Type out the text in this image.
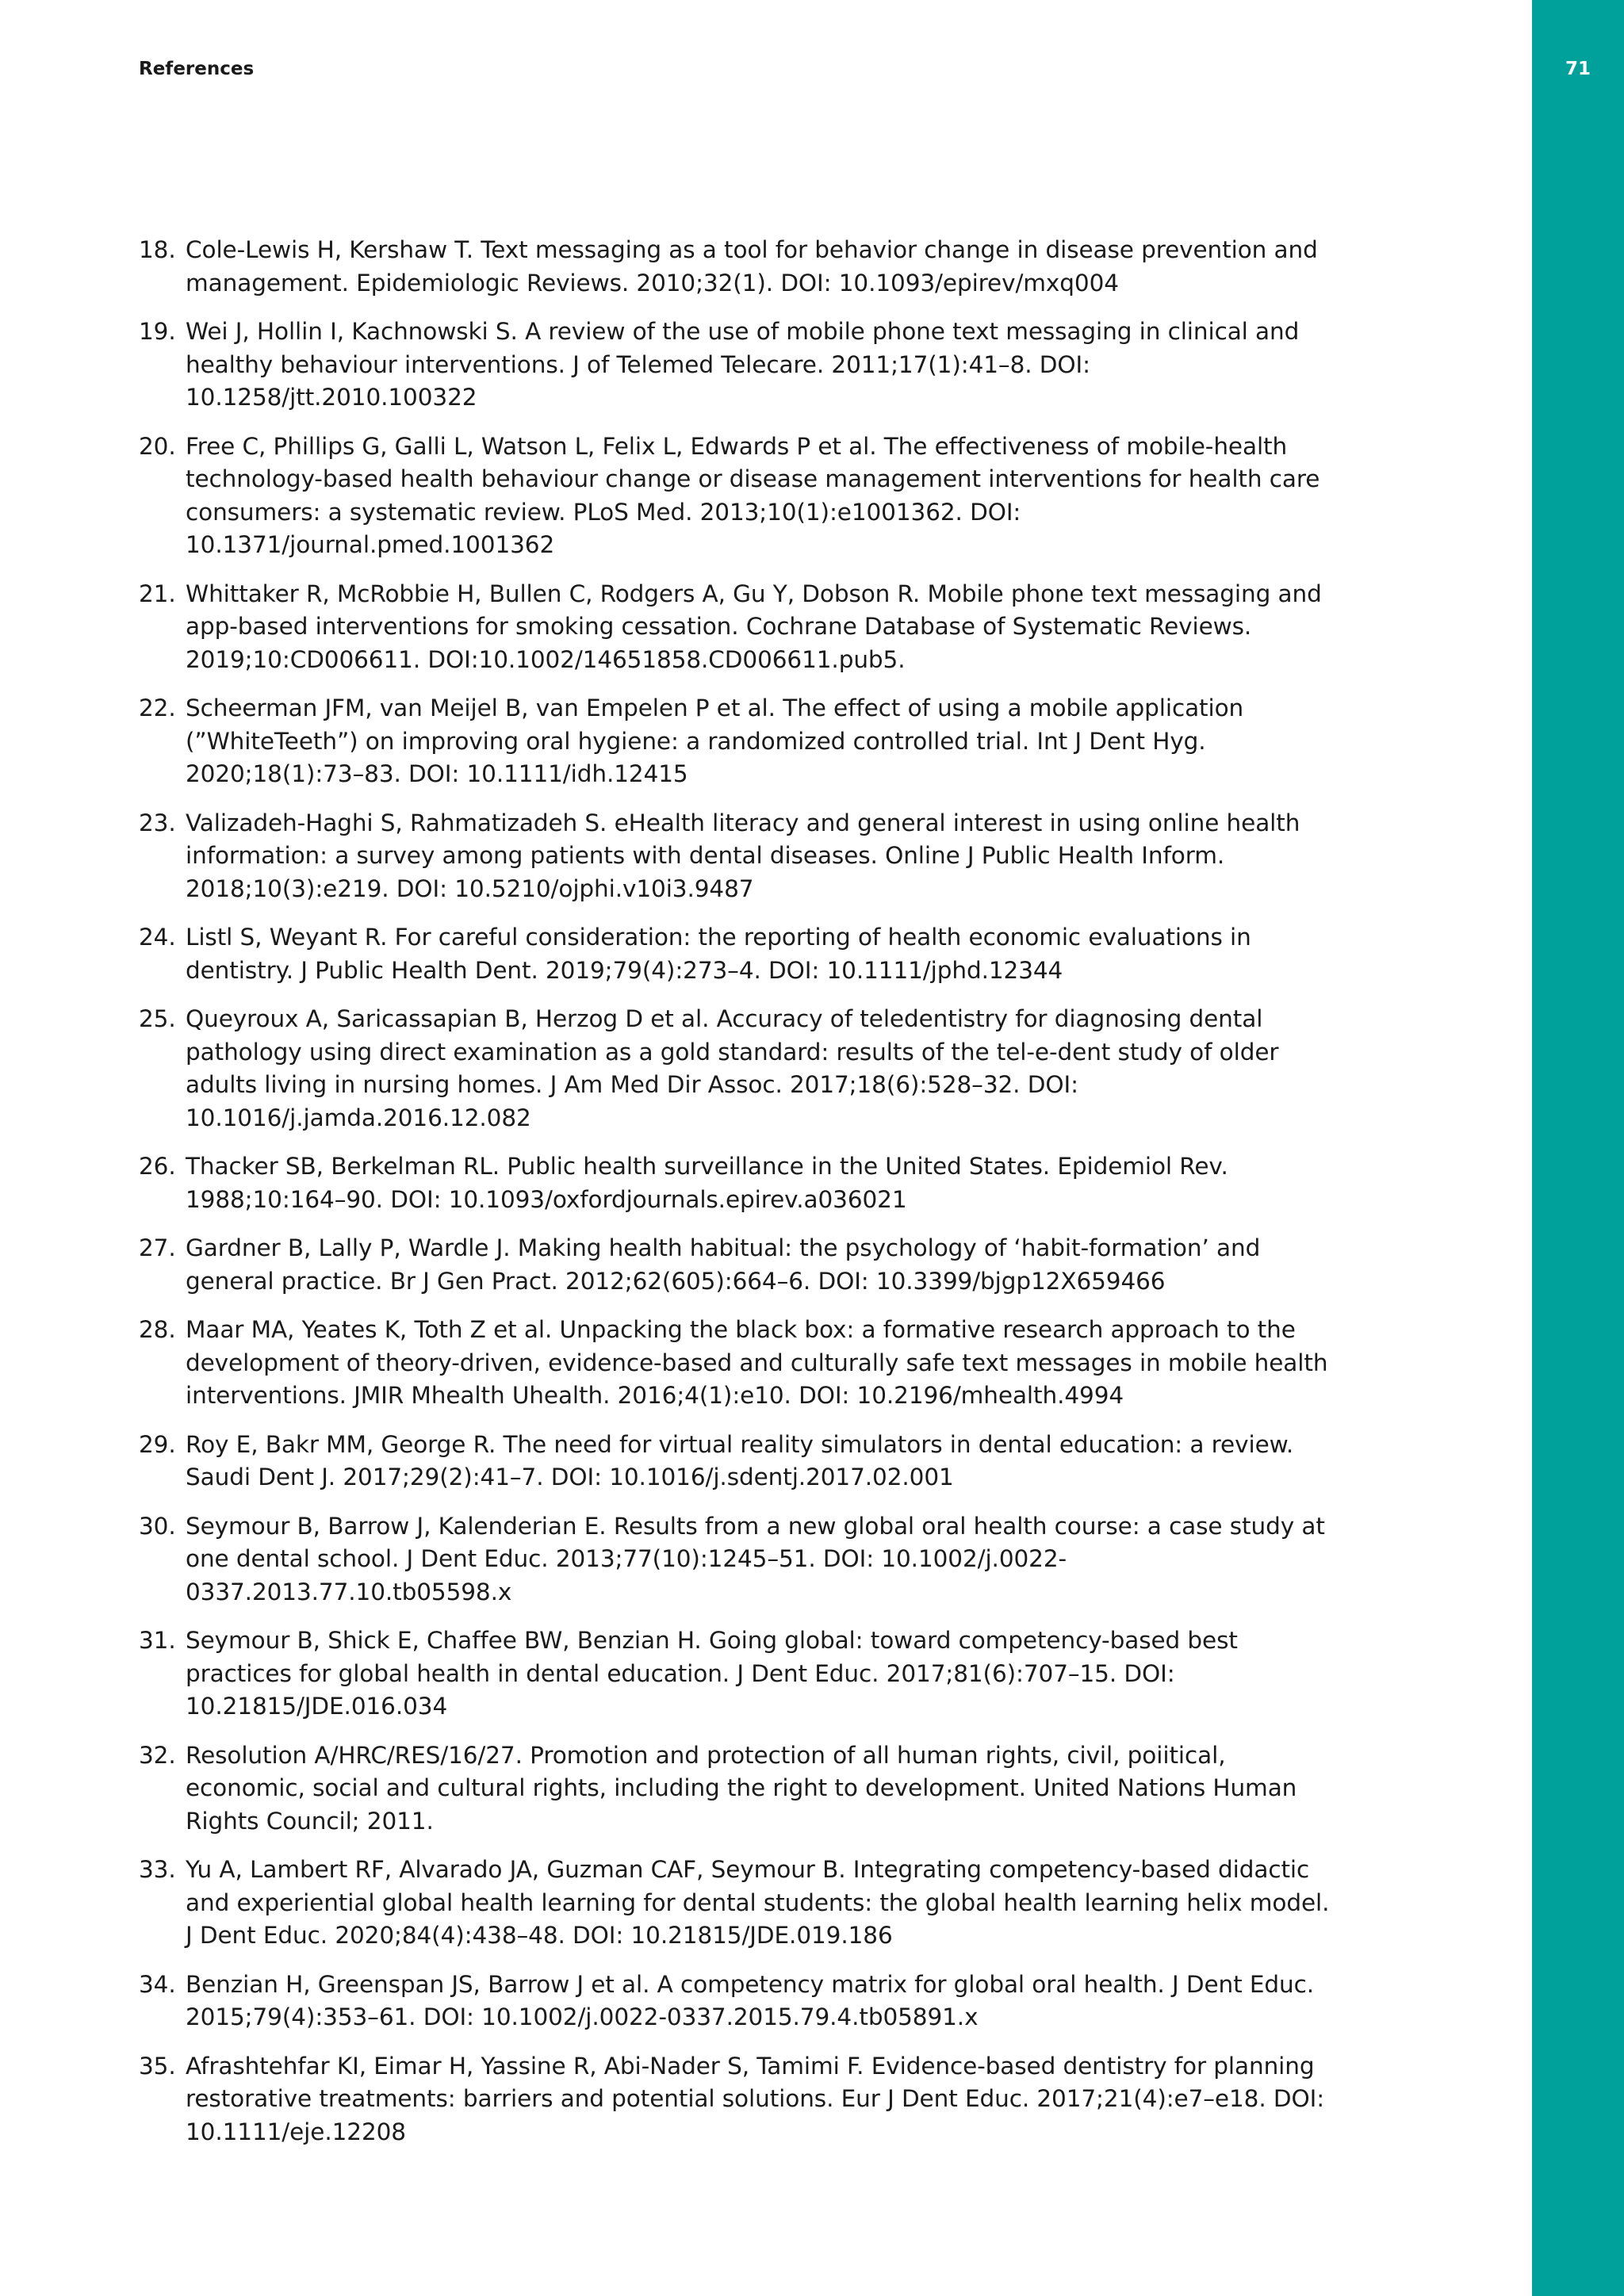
71
References
18. Cole-Lewis H, Kershaw T. Text messaging as a tool for behavior change in disease prevention and management. Epidemiologic Reviews. 2010;32(1). DOI: 10.1093/epirev/mxq004
19. Wei J, Hollin I, Kachnowski S. A review of the use of mobile phone text messaging in clinical and healthy behaviour interventions. J of Telemed Telecare. 2011;17(1):41–8. DOI: 10.1258/jtt.2010.100322
20. Free C, Phillips G, Galli L, Watson L, Felix L, Edwards P et al. The effectiveness of mobile-health technology-based health behaviour change or disease management interventions for health care consumers: a systematic review. PLoS Med. 2013;10(1):e1001362. DOI: 10.1371/journal.pmed.1001362
21. Whittaker R, McRobbie H, Bullen C, Rodgers A, Gu Y, Dobson R. Mobile phone text messaging and app-based interventions for smoking cessation. Cochrane Database of Systematic Reviews. 2019;10:CD006611. DOI:10.1002/14651858.CD006611.pub5.
22. Scheerman JFM, van Meijel B, van Empelen P et al. The effect of using a mobile application (”WhiteTeeth”) on improving oral hygiene: a randomized controlled trial. Int J Dent Hyg. 2020;18(1):73–83. DOI: 10.1111/idh.12415
23. Valizadeh-Haghi S, Rahmatizadeh S. eHealth literacy and general interest in using online health information: a survey among patients with dental diseases. Online J Public Health Inform. 2018;10(3):e219. DOI: 10.5210/ojphi.v10i3.9487
24. Listl S, Weyant R. For careful consideration: the reporting of health economic evaluations in dentistry. J Public Health Dent. 2019;79(4):273–4. DOI: 10.1111/jphd.12344
25. Queyroux A, Saricassapian B, Herzog D et al. Accuracy of teledentistry for diagnosing dental pathology using direct examination as a gold standard: results of the tel-e-dent study of older adults living in nursing homes. J Am Med Dir Assoc. 2017;18(6):528–32. DOI: 10.1016/j.jamda.2016.12.082
26. Thacker SB, Berkelman RL. Public health surveillance in the United States. Epidemiol Rev. 1988;10:164–90. DOI: 10.1093/oxfordjournals.epirev.a036021
27. Gardner B, Lally P, Wardle J. Making health habitual: the psychology of ‘habit-formation’ and general practice. Br J Gen Pract. 2012;62(605):664–6. DOI: 10.3399/bjgp12X659466
28. Maar MA, Yeates K, Toth Z et al. Unpacking the black box: a formative research approach to the development of theory-driven, evidence-based and culturally safe text messages in mobile health interventions. JMIR Mhealth Uhealth. 2016;4(1):e10. DOI: 10.2196/mhealth.4994
29. Roy E, Bakr MM, George R. The need for virtual reality simulators in dental education: a review. Saudi Dent J. 2017;29(2):41–7. DOI: 10.1016/j.sdentj.2017.02.001
30. Seymour B, Barrow J, Kalenderian E. Results from a new global oral health course: a case study at one dental school. J Dent Educ. 2013;77(10):1245–51. DOI: 10.1002/j.0022-0337.2013.77.10.tb05598.x
31. Seymour B, Shick E, Chaffee BW, Benzian H. Going global: toward competency-based best practices for global health in dental education. J Dent Educ. 2017;81(6):707–15. DOI: 10.21815/JDE.016.034
32. Resolution A/HRC/RES/16/27. Promotion and protection of all human rights, civil, poiitical, economic, social and cultural rights, including the right to development. United Nations Human Rights Council; 2011.
33. Yu A, Lambert RF, Alvarado JA, Guzman CAF, Seymour B. Integrating competency-based didactic and experiential global health learning for dental students: the global health learning helix model. J Dent Educ. 2020;84(4):438–48. DOI: 10.21815/JDE.019.186
34. Benzian H, Greenspan JS, Barrow J et al. A competency matrix for global oral health. J Dent Educ. 2015;79(4):353–61. DOI: 10.1002/j.0022-0337.2015.79.4.tb05891.x
35. Afrashtehfar KI, Eimar H, Yassine R, Abi-Nader S, Tamimi F. Evidence-based dentistry for planning restorative treatments: barriers and potential solutions. Eur J Dent Educ. 2017;21(4):e7–e18. DOI: 10.1111/eje.12208
